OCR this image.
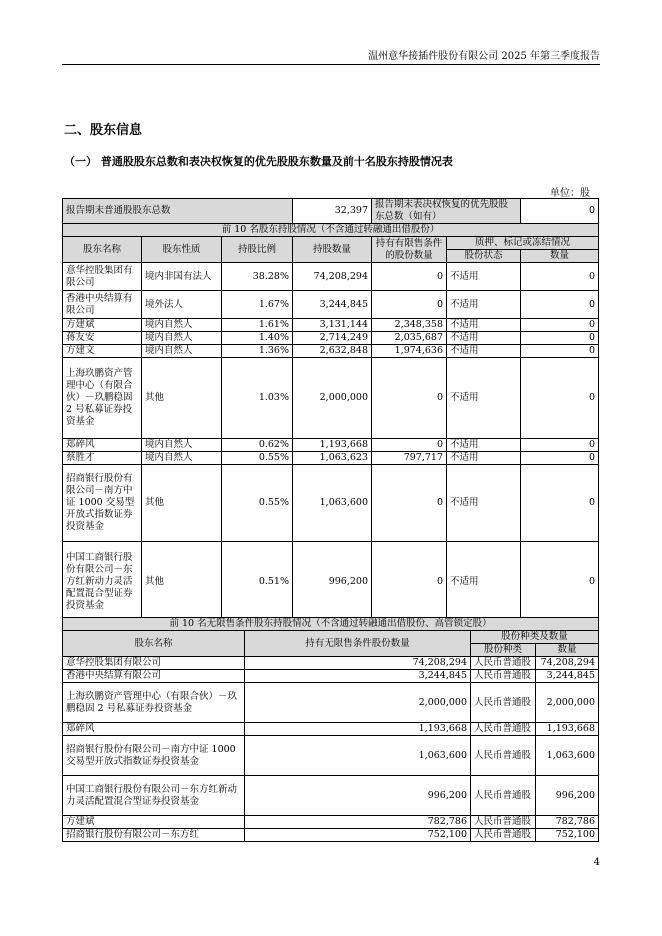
温州意华接插件股份有限公司 2025 年第三季度报告
二、股东信息
（一） 普通股股东总数和表决权恢复的优先股股东数量及前十名股东持股情况表
单位：股
报告期末普通股股东总数			32,397	报告期末表决权恢复的优先股股东总数（如有）		0
前 10 名股东持股情况（不含通过转融通出借股份）						
股东名称	股东性质	持股比例	持股数量	持有有限售条件的股份数量	质押、标记或冻结情况	
					股份状态	数量
意华控股集团有限公司	境内非国有法人	38.28%	74,208,294	0	不适用	0
香港中央结算有限公司	境外法人	1.67%	3,244,845	0	不适用	0
方建斌	境内自然人	1.61%	3,131,144	2,348,358	不适用	0
蒋友安	境内自然人	1.40%	2,714,249	2,035,687	不适用	0
方建文	境内自然人	1.36%	2,632,848	1,974,636	不适用	0
上海玖鹏资产管理中心（有限合伙）－玖鹏稳固 2 号私募证券投资基金	其他	1.03%	2,000,000	0	不适用	0
郑碎风	境内自然人	0.62%	1,193,668	0	不适用	0
蔡胜才	境内自然人	0.55%	1,063,623	797,717	不适用	0
招商银行股份有限公司－南方中证 1000 交易型开放式指数证券投资基金	其他	0.55%	1,063,600	0	不适用	0
中国工商银行股份有限公司－东方红新动力灵活配置混合型证券投资基金	其他	0.51%	996,200	0	不适用	0
前 10 名无限售条件股东持股情况（不含通过转融通出借股份、高管锁定股）			
股东名称	持有无限售条件股份数量	股份种类及数量	
		股份种类	数量
意华控股集团有限公司	74,208,294	人民币普通股	74,208,294
香港中央结算有限公司	3,244,845	人民币普通股	3,244,845
上海玖鹏资产管理中心（有限合伙）－玖鹏稳固 2 号私募证券投资基金	2,000,000	人民币普通股	2,000,000
郑碎风	1,193,668	人民币普通股	1,193,668
招商银行股份有限公司－南方中证 1000 交易型开放式指数证券投资基金	1,063,600	人民币普通股	1,063,600
中国工商银行股份有限公司－东方红新动力灵活配置混合型证券投资基金	996,200	人民币普通股	996,200
方建斌	782,786	人民币普通股	782,786
招商银行股份有限公司－东方红	752,100	人民币普通股	752,100
4
